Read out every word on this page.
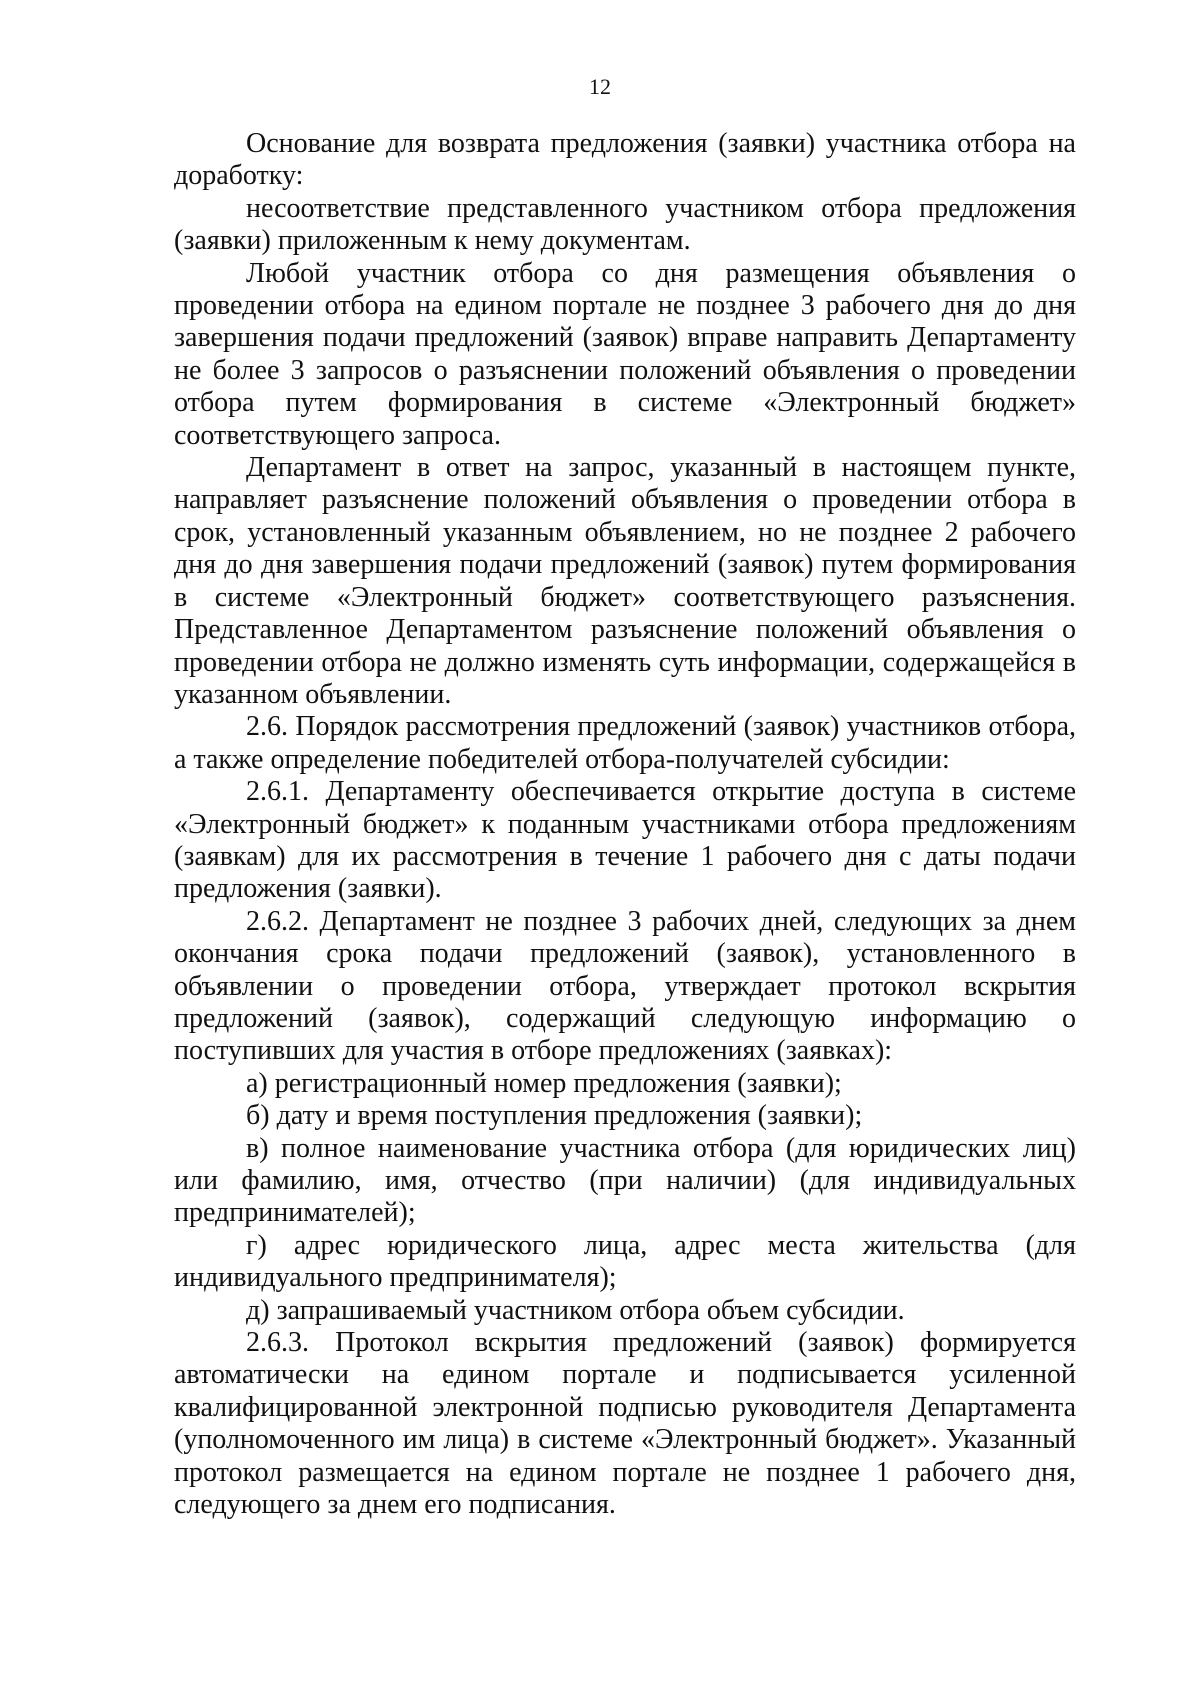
12

Основание для возврата предложения (заявки) участника отбора на доработку:

несоответствие представленного участником отбора предложения (заявки) приложенным к нему документам.

Любой участник отбора со дня размещения объявления о проведении отбора на едином портале не позднее 3 рабочего дня до дня завершения подачи предложений (заявок) вправе направить Департаменту не более 3 запросов о разъяснении положений объявления о проведении отбора путем формирования в системе «Электронный бюджет» соответствующего запроса.

Департамент в ответ на запрос, указанный в настоящем пункте, направляет разъяснение положений объявления о проведении отбора в срок, установленный указанным объявлением, но не позднее 2 рабочего дня до дня завершения подачи предложений (заявок) путем формирования в системе «Электронный бюджет» соответствующего разъяснения. Представленное Департаментом разъяснение положений объявления о проведении отбора не должно изменять суть информации, содержащейся в указанном объявлении.

2.6. Порядок рассмотрения предложений (заявок) участников отбора, а также определение победителей отбора-получателей субсидии:

2.6.1. Департаменту обеспечивается открытие доступа в системе «Электронный бюджет» к поданным участниками отбора предложениям (заявкам) для их рассмотрения в течение 1 рабочего дня с даты подачи предложения (заявки).

2.6.2. Департамент не позднее 3 рабочих дней, следующих за днем окончания срока подачи предложений (заявок), установленного в объявлении о проведении отбора, утверждает протокол вскрытия предложений (заявок), содержащий следующую информацию о поступивших для участия в отборе предложениях (заявках):

а) регистрационный номер предложения (заявки);

б) дату и время поступления предложения (заявки);

в) полное наименование участника отбора (для юридических лиц) или фамилию, имя, отчество (при наличии) (для индивидуальных предпринимателей);

г) адрес юридического лица, адрес места жительства (для индивидуального предпринимателя);

д) запрашиваемый участником отбора объем субсидии.

2.6.3. Протокол вскрытия предложений (заявок) формируется автоматически на едином портале и подписывается усиленной квалифицированной электронной подписью руководителя Департамента (уполномоченного им лица) в системе «Электронный бюджет». Указанный протокол размещается на едином портале не позднее 1 рабочего дня, следующего за днем его подписания.
